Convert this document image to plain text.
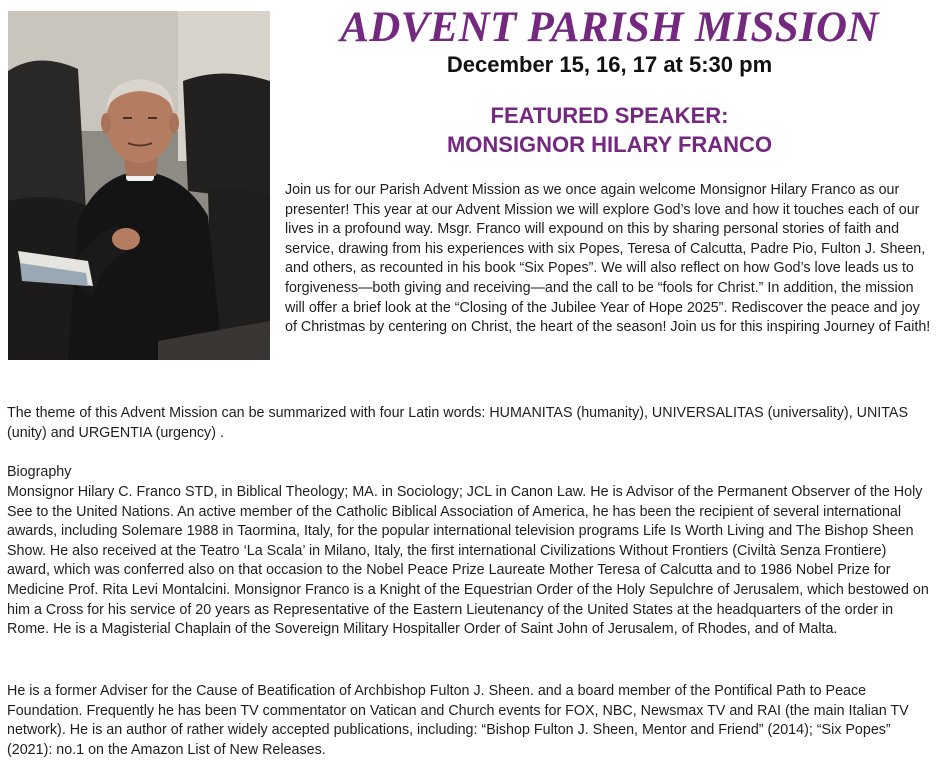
ADVENT PARISH MISSION
December 15, 16, 17 at 5:30 pm
FEATURED SPEAKER:
MONSIGNOR HILARY FRANCO

Join us for our Parish Advent Mission as we once again welcome Monsignor Hilary Franco as our presenter! This year at our Advent Mission we will explore God’s love and how it touches each of our lives in a profound way. Msgr. Franco will expound on this by sharing personal stories of faith and service, drawing from his experiences with six Popes, Teresa of Calcutta, Padre Pio, Fulton J. Sheen, and others, as recounted in his book “Six Popes”. We will also reflect on how God’s love leads us to forgiveness—both giving and receiving—and the call to be “fools for Christ.” In addition, the mission will offer a brief look at the “Closing of the Jubilee Year of Hope 2025”. Rediscover the peace and joy of Christmas by centering on Christ, the heart of the season! Join us for this inspiring Journey of Faith!

The theme of this Advent Mission can be summarized with four Latin words: HUMANITAS (humanity), UNIVERSALITAS (universality), UNITAS (unity) and URGENTIA (urgency) .

Biography

Monsignor Hilary C. Franco STD, in Biblical Theology; MA. in Sociology; JCL in Canon Law. He is Advisor of the Permanent Observer of the Holy See to the United Nations. An active member of the Catholic Biblical Association of America, he has been the recipient of several international awards, including Solemare 1988 in Taormina, Italy, for the popular international television programs Life Is Worth Living and The Bishop Sheen Show. He also received at the Teatro ‘La Scala’ in Milano, Italy, the first international Civilizations Without Frontiers (Civiltà Senza Frontiere) award, which was conferred also on that occasion to the Nobel Peace Prize Laureate Mother Teresa of Calcutta and to 1986 Nobel Prize for Medicine Prof. Rita Levi Montalcini. Monsignor Franco is a Knight of the Equestrian Order of the Holy Sepulchre of Jerusalem, which bestowed on him a Cross for his service of 20 years as Representative of the Eastern Lieutenancy of the United States at the headquarters of the order in Rome. He is a Magisterial Chaplain of the Sovereign Military Hospitaller Order of Saint John of Jerusalem, of Rhodes, and of Malta.

He is a former Adviser for the Cause of Beatification of Archbishop Fulton J. Sheen. and a board member of the Pontifical Path to Peace Foundation. Frequently he has been TV commentator on Vatican and Church events for FOX, NBC, Newsmax TV and RAI (the main Italian TV network). He is an author of rather widely accepted publications, including: “Bishop Fulton J. Sheen, Mentor and Friend” (2014); “Six Popes” (2021): no.1 on the Amazon List of New Releases.
